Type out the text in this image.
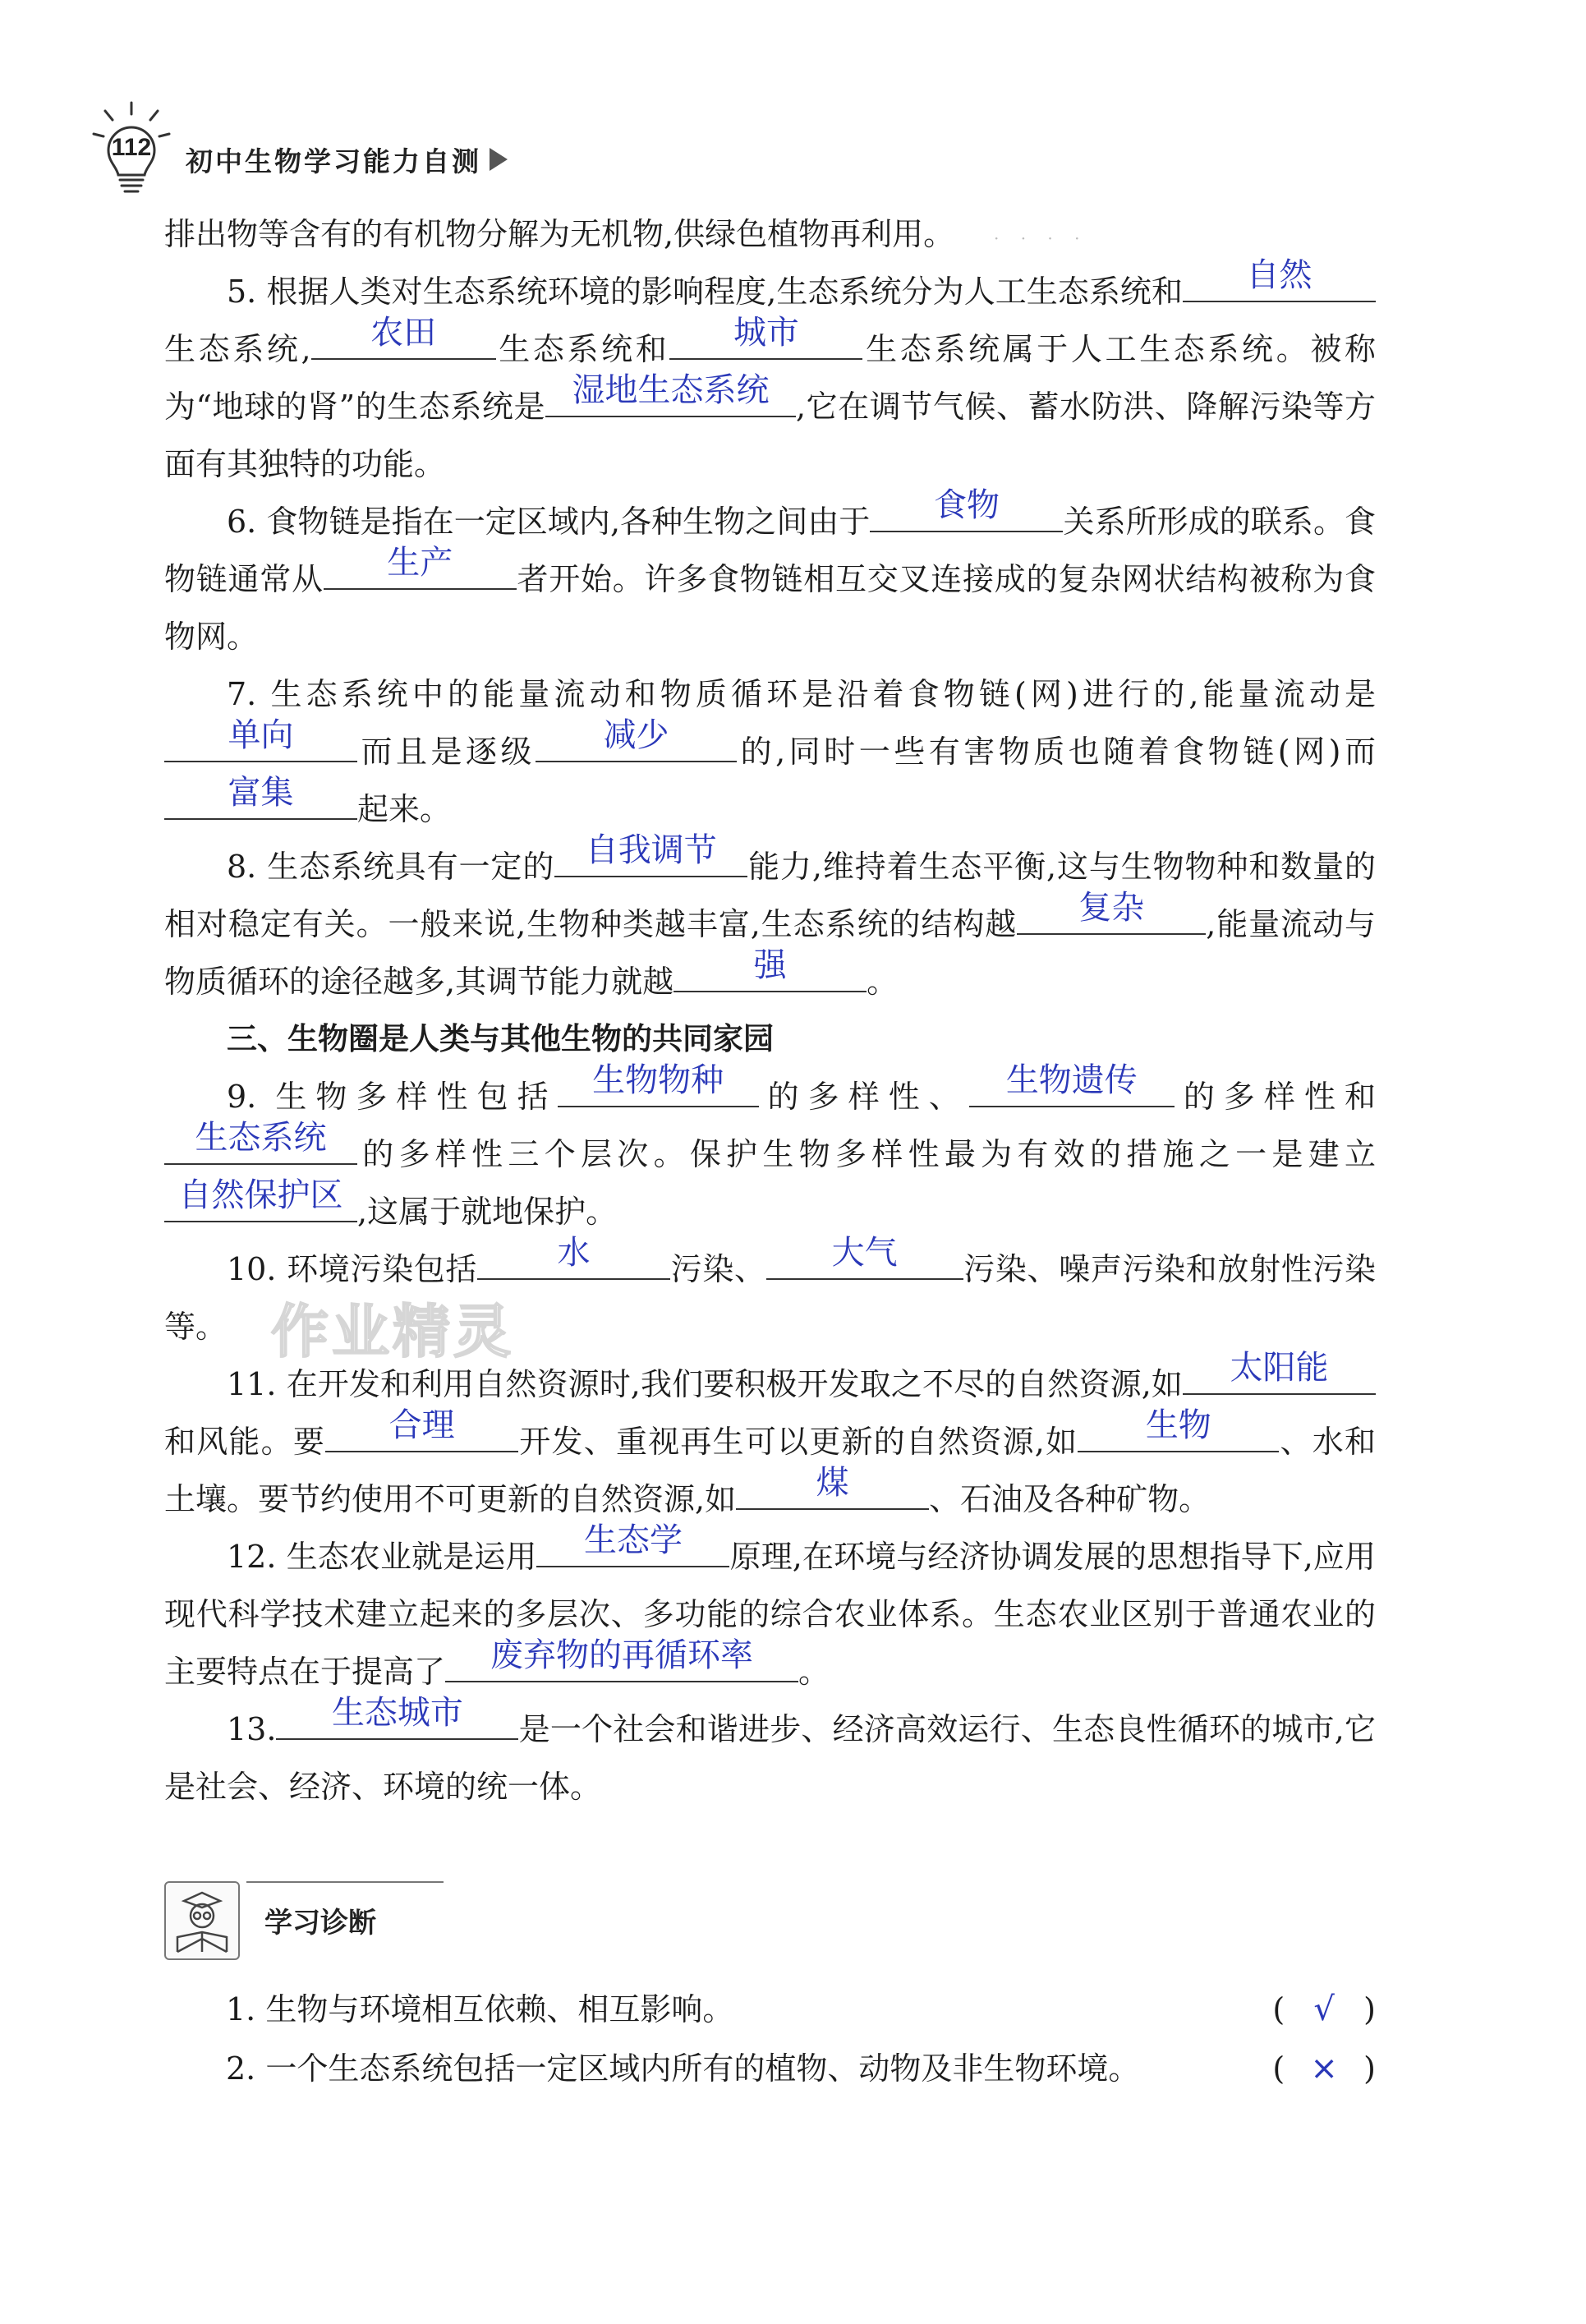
112	初中生物学习能力自测
· · · ·
作业精灵

排出物等含有的有机物分解为无机物,供绿色植物再利用。

5. 根据人类对生态系统环境的影响程度,生态系统分为人工生态系统和	自然
生态系统,	农田	生态系统和	城市	生态系统属于人工生态系统。被称为“地球的肾”的生态系统是 湿地生态系统 ,它在调节气候、蓄水防洪、降解污染等方面有其独特的功能。

6. 食物链是指在一定区域内,各种生物之间由于	食物	关系所形成的联系。食物链通常从	生产	者开始。许多食物链相互交叉连接成的复杂网状结构被称为食物网。

7. 生态系统中的能量流动和物质循环是沿着食物链(网)进行的,能量流动是
单向	而且是逐级	减少	的,同时一些有害物质也随着食物链(网)而
富集	起来。

8. 生态系统具有一定的 自我调节 能力,维持着生态平衡,这与生物物种和数量的相对稳定有关。一般来说,生物种类越丰富,生态系统的结构越	复杂	,能量流动与物质循环的途径越多,其调节能力就越	强	。

三、生物圈是人类与其他生物的共同家园

9. 生物多样性包括	生物物种	的多样性、	生物遗传	的多样性和
生态系统 的多样性三个层次。保护生物多样性最为有效的措施之一是建立
自然保护区 ,这属于就地保护。

10. 环境污染包括	水	污染、	大气	污染、噪声污染和放射性污染等。

11. 在开发和利用自然资源时,我们要积极开发取之不尽的自然资源,如	太阳能
和风能。要	合理	开发、重视再生可以更新的自然资源,如	生物	、水和土壤。要节约使用不可更新的自然资源,如	煤	、石油及各种矿物。

12. 生态农业就是运用	生态学	原理,在环境与经济协调发展的思想指导下,应用现代科学技术建立起来的多层次、多功能的综合农业体系。生态农业区别于普通农业的主要特点在于提高了	废弃物的再循环率	。

13.	生态城市	是一个社会和谐进步、经济高效运行、生态良性循环的城市,它是社会、经济、环境的统一体。

学习诊断
1. 生物与环境相互依赖、相互影响。	( √ )
2. 一个生态系统包括一定区域内所有的植物、动物及非生物环境。	( × )
